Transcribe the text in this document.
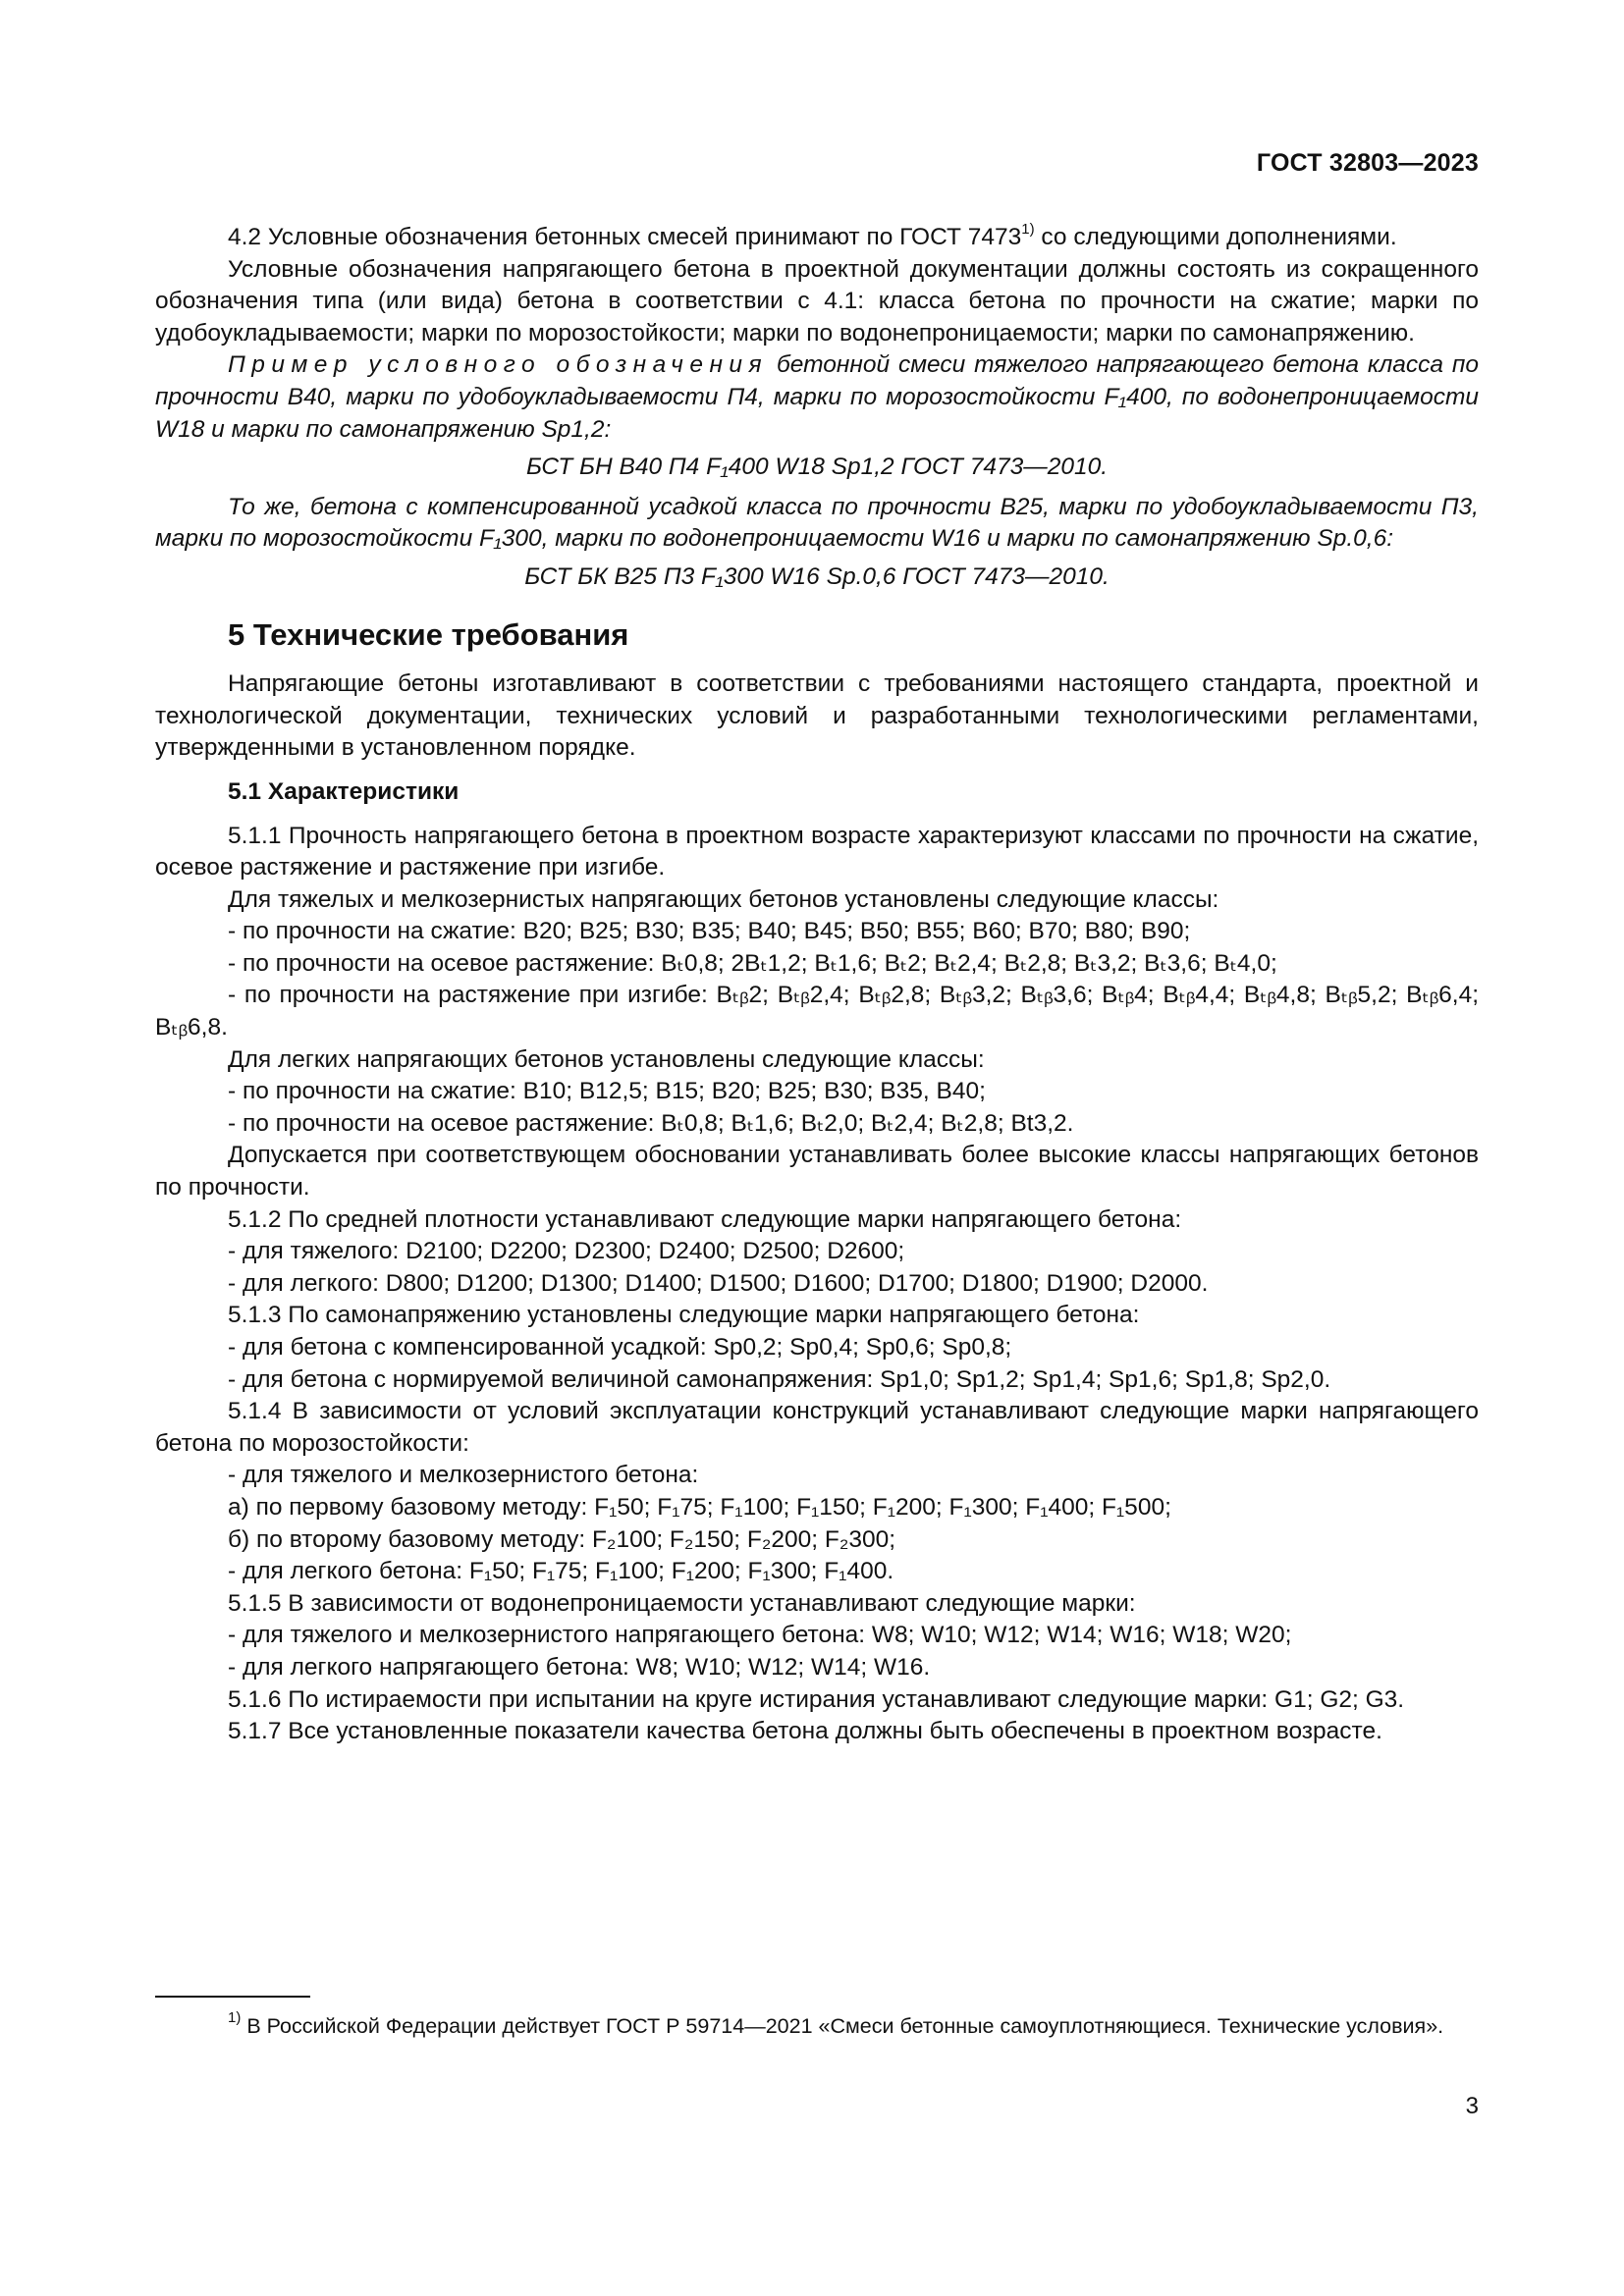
ГОСТ 32803—2023

4.2 Условные обозначения бетонных смесей принимают по ГОСТ 7473$^{1)}$ со следующими дополнениями.

Условные обозначения напрягающего бетона в проектной документации должны состоять из сокращенного обозначения типа (или вида) бетона в соответствии с 4.1: класса бетона по прочности на сжатие; марки по удобоукладываемости; марки по морозостойкости; марки по водонепроницаемости; марки по самонапряжению.

Пример условного обозначения бетонной смеси тяжелого напрягающего бетона класса по прочности В40, марки по удобоукладываемости П4, марки по морозостойкости F₁400, по водонепроницаемости W18 и марки по самонапряжению Sp1,2:

БСТ БН В40 П4 F₁400 W18 Sp1,2 ГОСТ 7473—2010.

То же, бетона с компенсированной усадкой класса по прочности В25, марки по удобоукладываемости П3, марки по морозостойкости F₁300, марки по водонепроницаемости W16 и марки по самонапряжению Sp.0,6:

БСТ БК В25 П3 F₁300 W16 Sp.0,6 ГОСТ 7473—2010.

5 Технические требования

Напрягающие бетоны изготавливают в соответствии с требованиями настоящего стандарта, проектной и технологической документации, технических условий и разработанными технологическими регламентами, утвержденными в установленном порядке.

5.1 Характеристики

5.1.1 Прочность напрягающего бетона в проектном возрасте характеризуют классами по прочности на сжатие, осевое растяжение и растяжение при изгибе.

Для тяжелых и мелкозернистых напрягающих бетонов установлены следующие классы:

- по прочности на сжатие: В20; В25; В30; В35; В40; В45; В50; В55; В60; В70; В80; В90;

- по прочности на осевое растяжение: Bₜ0,8; 2Bₜ1,2; Bₜ1,6; Bₜ2; Bₜ2,4; Bₜ2,8; Bₜ3,2; Bₜ3,6; Bₜ4,0;

- по прочности на растяжение при изгибе: Bₜᵦ2; Bₜᵦ2,4; Bₜᵦ2,8; Bₜᵦ3,2; Bₜᵦ3,6; Bₜᵦ4; Bₜᵦ4,4; Bₜᵦ4,8; Bₜᵦ5,2; Bₜᵦ6,4; Bₜᵦ6,8.

Для легких напрягающих бетонов установлены следующие классы:

- по прочности на сжатие: В10; В12,5; В15; В20; В25; В30; В35, В40;

- по прочности на осевое растяжение: Bₜ0,8; Bₜ1,6; Bₜ2,0; Bₜ2,4; Bₜ2,8; Bt3,2.

Допускается при соответствующем обосновании устанавливать более высокие классы напрягающих бетонов по прочности.

5.1.2 По средней плотности устанавливают следующие марки напрягающего бетона:

- для тяжелого: D2100; D2200; D2300; D2400; D2500; D2600;

- для легкого: D800; D1200; D1300; D1400; D1500; D1600; D1700; D1800; D1900; D2000.

5.1.3 По самонапряжению установлены следующие марки напрягающего бетона:

- для бетона с компенсированной усадкой: Sp0,2; Sp0,4; Sp0,6; Sp0,8;

- для бетона с нормируемой величиной самонапряжения: Sp1,0; Sp1,2; Sp1,4; Sp1,6; Sp1,8; Sp2,0.

5.1.4 В зависимости от условий эксплуатации конструкций устанавливают следующие марки напрягающего бетона по морозостойкости:

- для тяжелого и мелкозернистого бетона:

а) по первому базовому методу: F₁50; F₁75; F₁100; F₁150; F₁200; F₁300; F₁400; F₁500;

б) по второму базовому методу: F₂100; F₂150; F₂200; F₂300;

- для легкого бетона: F₁50; F₁75; F₁100; F₁200; F₁300; F₁400.

5.1.5 В зависимости от водонепроницаемости устанавливают следующие марки:

- для тяжелого и мелкозернистого напрягающего бетона: W8; W10; W12; W14; W16; W18; W20;

- для легкого напрягающего бетона: W8; W10; W12; W14; W16.

5.1.6 По истираемости при испытании на круге истирания устанавливают следующие марки: G1; G2; G3.

5.1.7 Все установленные показатели качества бетона должны быть обеспечены в проектном возрасте.

$^{1)}$ В Российской Федерации действует ГОСТ Р 59714—2021 «Смеси бетонные самоуплотняющиеся. Технические условия».

3
